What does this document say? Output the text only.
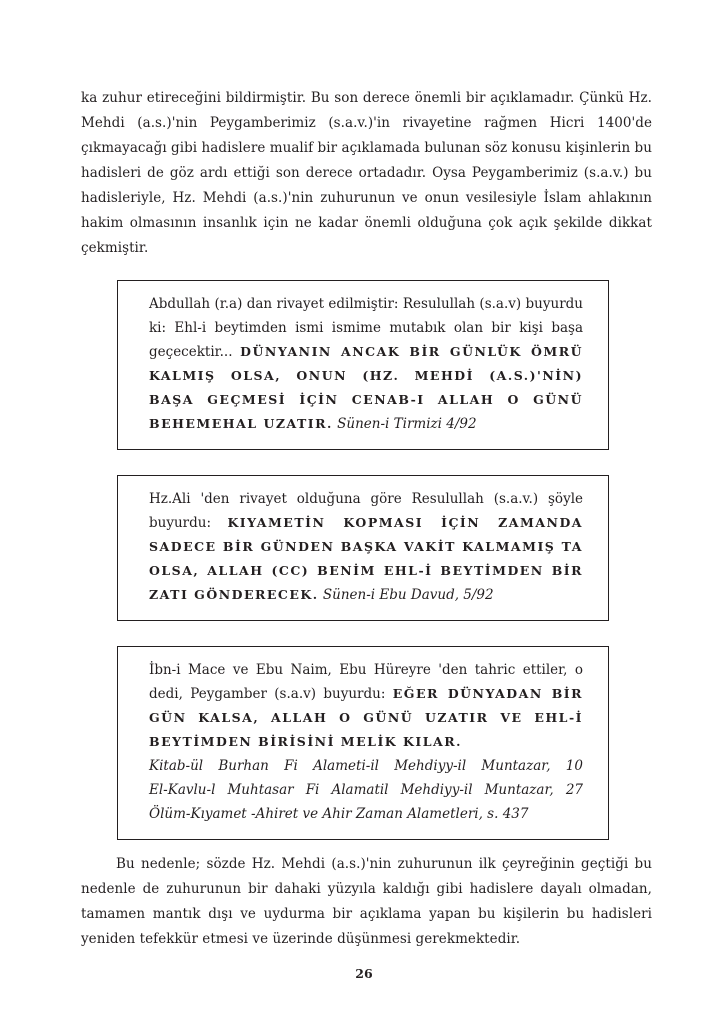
ka zuhur etireceğini bildirmiştir. Bu son derece önemli bir açıklamadır. Çünkü Hz. Mehdi (a.s.)'nin Peygamberimiz (s.a.v.)'in rivayetine rağmen Hicri 1400'de çıkmayacağı gibi hadislere mualif bir açıklamada bulunan söz konusu kişinlerin bu hadisleri de göz ardı ettiği son derece ortadadır. Oysa Peygamberimiz (s.a.v.) bu hadisleriyle, Hz. Mehdi (a.s.)'nin zuhurunun ve onun vesilesiyle İslam ahlakının hakim olmasının insanlık için ne kadar önemli olduğuna çok açık şekilde dikkat çekmiştir.

Abdullah (r.a) dan rivayet edilmiştir: Resulullah (s.a.v) buyurdu ki: Ehl-i beytimden ismi ismime mutabık olan bir kişi başa geçecektir... DÜNYANIN ANCAK BİR GÜNLÜK ÖMRÜ KALMIŞ OLSA, ONUN (HZ. MEHDİ (A.S.)'NİN) BAŞA GEÇMESİ İÇİN CENAB-I ALLAH O GÜNÜ BEHEMEHAL UZATIR. Sünen-i Tirmizi 4/92

Hz.Ali 'den rivayet olduğuna göre Resulullah (s.a.v.) şöyle buyurdu: KIYAMETİN KOPMASI İÇİN ZAMANDA SADECE BİR GÜNDEN BAŞKA VAKİT KALMAMIŞ TA OLSA, ALLAH (CC) BENİM EHL-İ BEYTİMDEN BİR ZATI GÖNDERECEK. Sünen-i Ebu Davud, 5/92

İbn-i Mace ve Ebu Naim, Ebu Hüreyre 'den tahric ettiler, o dedi, Peygamber (s.a.v) buyurdu: EĞER DÜNYADAN BİR GÜN KALSA, ALLAH O GÜNÜ UZATIR VE EHL-İ BEYTİMDEN BİRİSİNİ MELİK KILAR.

Kitab-ül Burhan Fi Alameti-il Mehdiyy-il Muntazar, 10

El-Kavlu-l Muhtasar Fi Alamatil Mehdiyy-il Muntazar, 27

Ölüm-Kıyamet -Ahiret ve Ahir Zaman Alametleri, s. 437

Bu nedenle; sözde Hz. Mehdi (a.s.)'nin zuhurunun ilk çeyreğinin geçtiği bu nedenle de zuhurunun bir dahaki yüzyıla kaldığı gibi hadislere dayalı olmadan, tamamen mantık dışı ve uydurma bir açıklama yapan bu kişilerin bu hadisleri yeniden tefekkür etmesi ve üzerinde düşünmesi gerekmektedir.

26
